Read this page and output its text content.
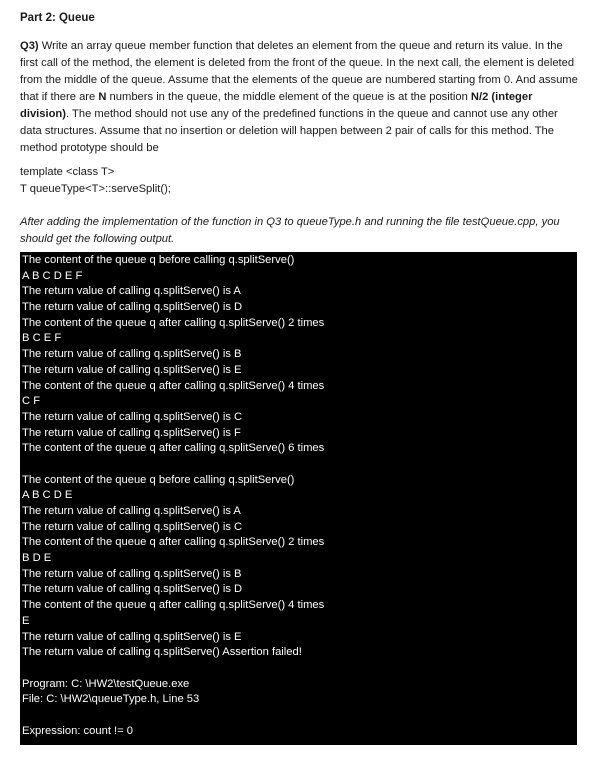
Part 2: Queue

Q3) Write an array queue member function that deletes an element from the queue and return its value. In the first call of the method, the element is deleted from the front of the queue. In the next call, the element is deleted from the middle of the queue. Assume that the elements of the queue are numbered starting from 0. And assume that if there are N numbers in the queue, the middle element of the queue is at the position N/2 (integer division). The method should not use any of the predefined functions in the queue and cannot use any other data structures. Assume that no insertion or deletion will happen between 2 pair of calls for this method. The method prototype should be

template <class T>
T queueType<T>::serveSplit();
After adding the implementation of the function in Q3 to queueType.h and running the file testQueue.cpp, you should get the following output.
The content of the queue q before calling q.splitServe()
A B C D E F
The return value of calling q.splitServe() is A
The return value of calling q.splitServe() is D
The content of the queue q after calling q.splitServe() 2 times
B C E F
The return value of calling q.splitServe() is B
The return value of calling q.splitServe() is E
The content of the queue q after calling q.splitServe() 4 times
C F
The return value of calling q.splitServe() is C
The return value of calling q.splitServe() is F
The content of the queue q after calling q.splitServe() 6 times
The content of the queue q before calling q.splitServe()
A B C D E
The return value of calling q.splitServe() is A
The return value of calling q.splitServe() is C
The content of the queue q after calling q.splitServe() 2 times
B D E
The return value of calling q.splitServe() is B
The return value of calling q.splitServe() is D
The content of the queue q after calling q.splitServe() 4 times
E
The return value of calling q.splitServe() is E
The return value of calling q.splitServe() Assertion failed!
Program: C: \HW2\testQueue.exe
File: C: \HW2\queueType.h, Line 53
Expression: count != 0
